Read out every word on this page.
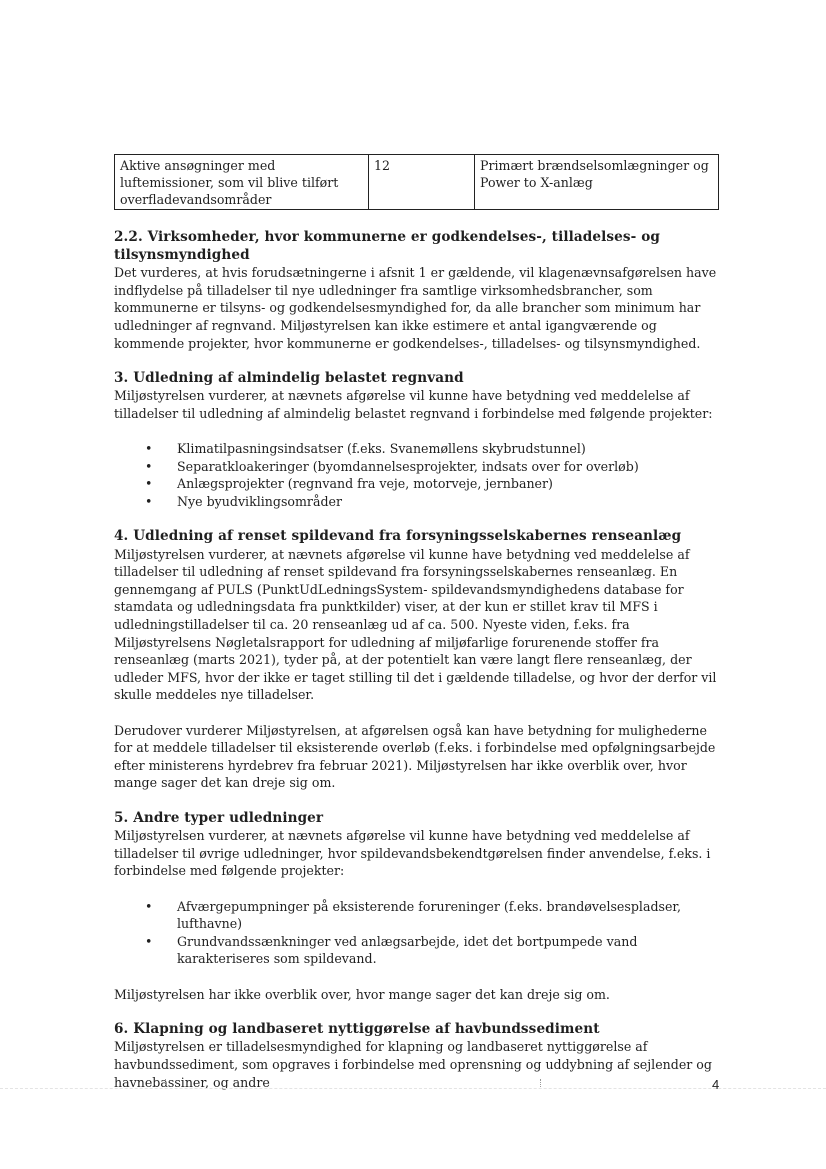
Aktive ansøgninger med luftemissioner, som vil blive tilført overfladevandsområder	12	Primært brændselsomlægninger og Power to X-anlæg
2.2. Virksomheder, hvor kommunerne er godkendelses-, tilladelses- og tilsynsmyndighed

Det vurderes, at hvis forudsætningerne i afsnit 1 er gældende, vil klagenævnsafgørelsen have indflydelse på tilladelser til nye udledninger fra samtlige virksomhedsbrancher, som kommunerne er tilsyns- og godkendelsesmyndighed for, da alle brancher som minimum har udledninger af regnvand. Miljøstyrelsen kan ikke estimere et antal igangværende og kommende projekter, hvor kommunerne er godkendelses-, tilladelses- og tilsynsmyndighed.

3. Udledning af almindelig belastet regnvand

Miljøstyrelsen vurderer, at nævnets afgørelse vil kunne have betydning ved meddelelse af tilladelser til udledning af almindelig belastet regnvand i forbindelse med følgende projekter:

• Klimatilpasningsindsatser (f.eks. Svanemøllens skybrudstunnel)
• Separatkloakeringer (byomdannelsesprojekter, indsats over for overløb)
• Anlægsprojekter (regnvand fra veje, motorveje, jernbaner)
• Nye byudviklingsområder
4. Udledning af renset spildevand fra forsyningsselskabernes renseanlæg

Miljøstyrelsen vurderer, at nævnets afgørelse vil kunne have betydning ved meddelelse af tilladelser til udledning af renset spildevand fra forsyningsselskabernes renseanlæg. En gennemgang af PULS (PunktUdLedningsSystem- spildevandsmyndighedens database for stamdata og udledningsdata fra punktkilder) viser, at der kun er stillet krav til MFS i udledningstilladelser til ca. 20 renseanlæg ud af ca. 500. Nyeste viden, f.eks. fra Miljøstyrelsens Nøgletalsrapport for udledning af miljøfarlige forurenende stoffer fra renseanlæg (marts 2021), tyder på, at der potentielt kan være langt flere renseanlæg, der udleder MFS, hvor der ikke er taget stilling til det i gældende tilladelse, og hvor der derfor vil skulle meddeles nye tilladelser.

Derudover vurderer Miljøstyrelsen, at afgørelsen også kan have betydning for mulighederne for at meddele tilladelser til eksisterende overløb (f.eks. i forbindelse med opfølgningsarbejde efter ministerens hyrdebrev fra februar 2021). Miljøstyrelsen har ikke overblik over, hvor mange sager det kan dreje sig om.

5. Andre typer udledninger

Miljøstyrelsen vurderer, at nævnets afgørelse vil kunne have betydning ved meddelelse af tilladelser til øvrige udledninger, hvor spildevandsbekendtgørelsen finder anvendelse, f.eks. i forbindelse med følgende projekter:

• Afværgepumpninger på eksisterende forureninger (f.eks. brandøvelsespladser, lufthavne)
• Grundvandssænkninger ved anlægsarbejde, idet det bortpumpede vand karakteriseres som spildevand.

Miljøstyrelsen har ikke overblik over, hvor mange sager det kan dreje sig om.

6. Klapning og landbaseret nyttiggørelse af havbundssediment

Miljøstyrelsen er tilladelsesmyndighed for klapning og landbaseret nyttiggørelse af havbundssediment, som opgraves i forbindelse med oprensning og uddybning af sejlender og havnebassiner, og andre	4
